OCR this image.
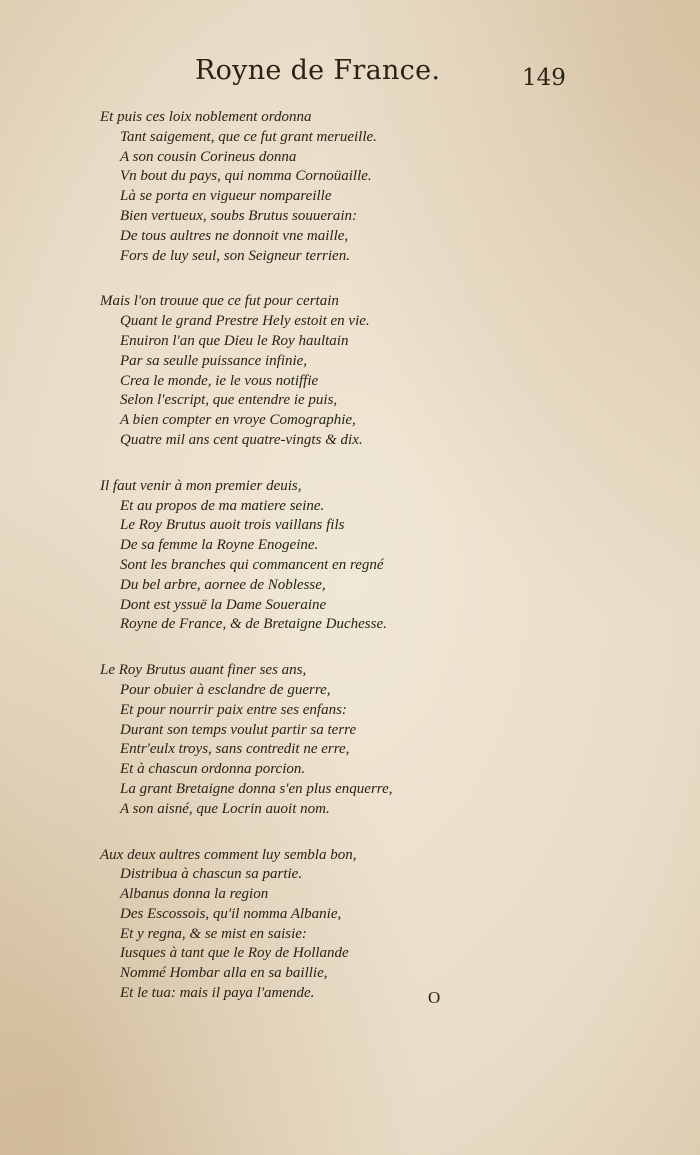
Royne de France.	149
Et puis ces loix noblement ordonna
Tant saigement, que ce fut grant merueille.
A son cousin Corineus donna
Vn bout du pays, qui nomma Cornoüaille.
Là se porta en vigueur nompareille
Bien vertueux, soubs Brutus souuerain:
De tous aultres ne donnoit vne maille,
Fors de luy seul, son Seigneur terrien.
Mais l'on trouue que ce fut pour certain
Quant le grand Prestre Hely estoit en vie.
Enuiron l'an que Dieu le Roy haultain
Par sa seulle puissance infinie,
Crea le monde, ie le vous notiffie
Selon l'escript, que entendre ie puis,
A bien compter en vroye Comographie,
Quatre mil ans cent quatre-vingts & dix.
Il faut venir à mon premier deuis,
Et au propos de ma matiere seine.
Le Roy Brutus auoit trois vaillans fils
De sa femme la Royne Enogeine.
Sont les branches qui commancent en regné
Du bel arbre, aornee de Noblesse,
Dont est yssuë la Dame Soueraine
Royne de France, & de Bretaigne Duchesse.
Le Roy Brutus auant finer ses ans,
Pour obuier à esclandre de guerre,
Et pour nourrir paix entre ses enfans:
Durant son temps voulut partir sa terre
Entr'eulx troys, sans contredit ne erre,
Et à chascun ordonna porcion.
La grant Bretaigne donna s'en plus enquerre,
A son aisné, que Locrin auoit nom.
Aux deux aultres comment luy sembla bon,
Distribua à chascun sa partie.
Albanus donna la region
Des Escossois, qu'il nomma Albanie,
Et y regna, & se mist en saisie:
Iusques à tant que le Roy de Hollande
Nommé Hombar alla en sa baillie,
Et le tua: mais il paya l'amende.	O
